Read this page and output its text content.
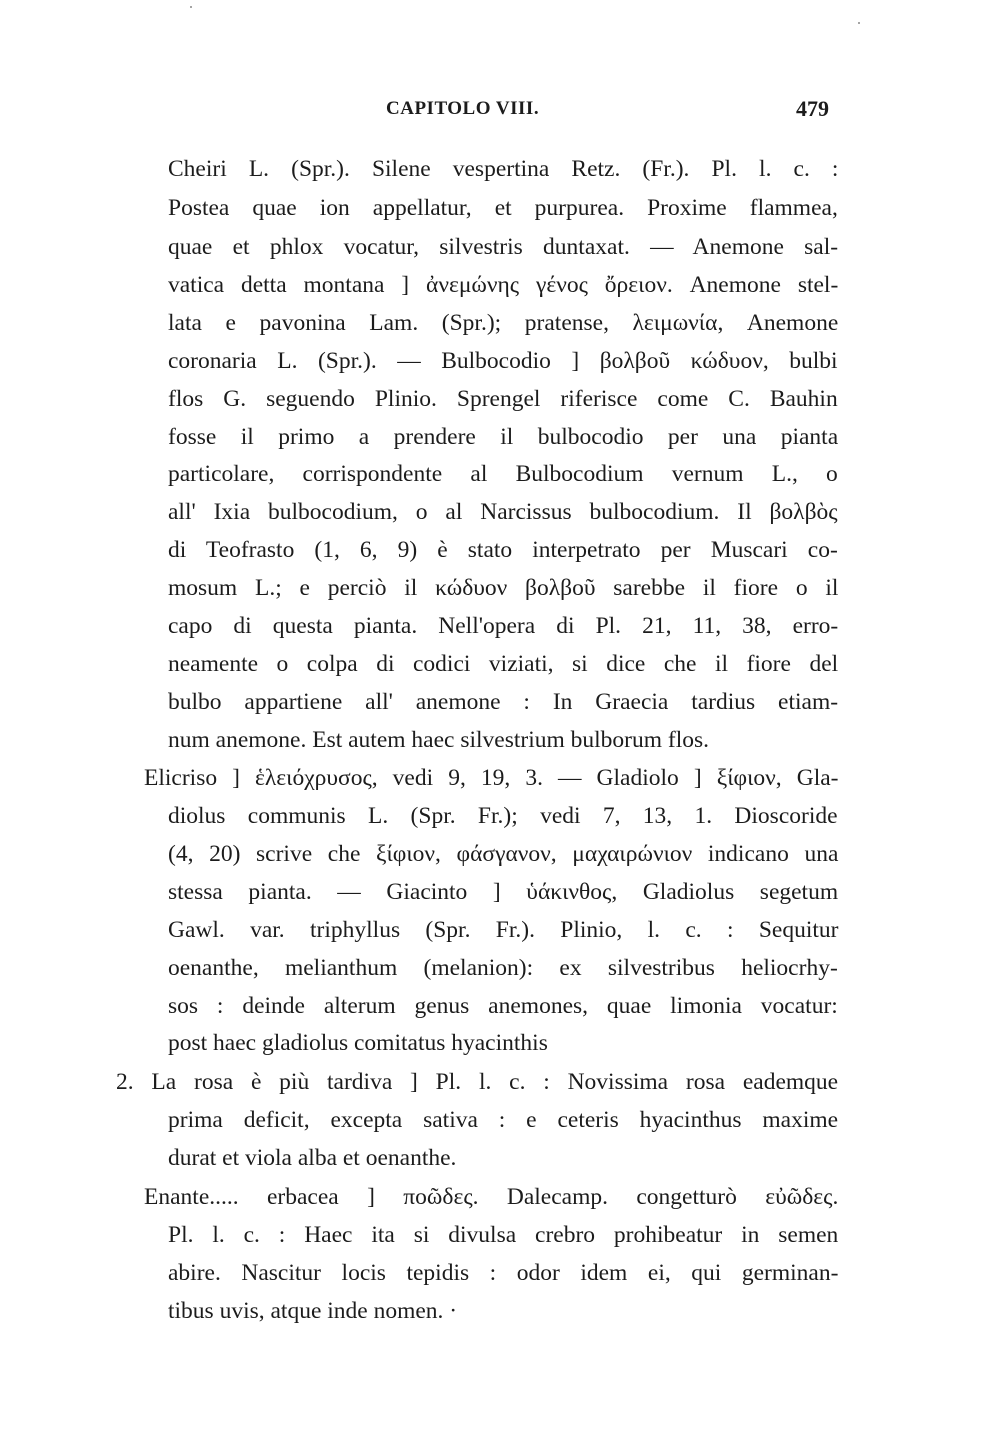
CAPITOLO VIII.	479
Cheiri L. (Spr.). Silene vespertina Retz. (Fr.). Pl. l. c. :
Postea quae ion appellatur, et purpurea. Proxime flammea,
quae et phlox vocatur, silvestris duntaxat. — Anemone sal-
vatica detta montana ] ἀνεμώνης γένος ὄρειον. Anemone stel-
lata e pavonina Lam. (Spr.); pratense, λειμωνία, Anemone
coronaria L. (Spr.). — Bulbocodio ] βολβοῦ κώδυον, bulbi
flos G. seguendo Plinio. Sprengel riferisce come C. Bauhin
fosse il primo a prendere il bulbocodio per una pianta
particolare, corrispondente al Bulbocodium vernum L., o
all' Ixia bulbocodium, o al Narcissus bulbocodium. Il βολβὸς
di Teofrasto (1, 6, 9) è stato interpetrato per Muscari co-
mosum L.; e perciò il κώδυον βολβοῦ sarebbe il fiore o il
capo di questa pianta. Nell'opera di Pl. 21, 11, 38, erro-
neamente o colpa di codici viziati, si dice che il fiore del
bulbo appartiene all' anemone : In Graecia tardius etiam-
num anemone. Est autem haec silvestrium bulborum flos.
Elicriso ] ἑλειόχρυσος, vedi 9, 19, 3. — Gladiolo ] ξίφιον, Gla-
diolus communis L. (Spr. Fr.); vedi 7, 13, 1. Dioscoride
(4, 20) scrive che ξίφιον, φάσγανον, μαχαιρώνιον indicano una
stessa pianta. — Giacinto ] ὑάκινθος, Gladiolus segetum
Gawl. var. triphyllus (Spr. Fr.). Plinio, l. c. : Sequitur
oenanthe, melianthum (melanion): ex silvestribus heliocrhy-
sos : deinde alterum genus anemones, quae limonia vocatur:
post haec gladiolus comitatus hyacinthis
2. La rosa è più tardiva ] Pl. l. c. : Novissima rosa eademque
prima deficit, excepta sativa : e ceteris hyacinthus maxime
durat et viola alba et oenanthe.
Enante..... erbacea ] ποῶδες. Dalecamp. congetturò εὐῶδες.
Pl. l. c. : Haec ita si divulsa crebro prohibeatur in semen
abire. Nascitur locis tepidis : odor idem ei, qui germinan-
tibus uvis, atque inde nomen. ·
